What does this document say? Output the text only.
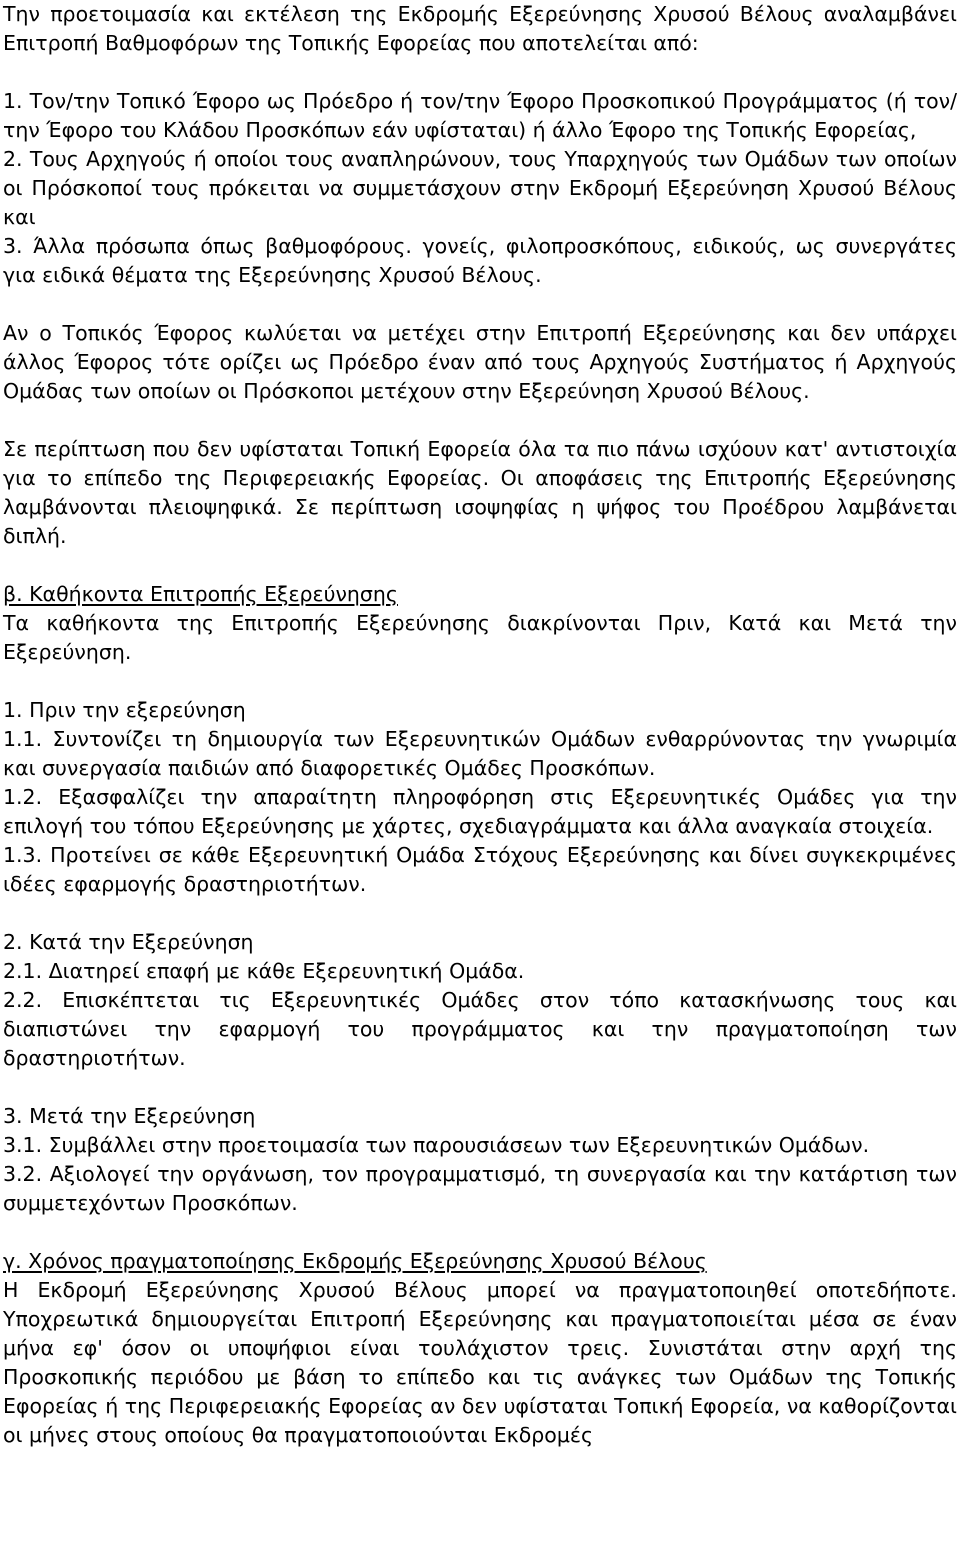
Την προετοιμασία και εκτέλεση της Εκδρομής Εξερεύνησης Χρυσού Βέλους αναλαμβάνει Επιτροπή Βαθμοφόρων της Τοπικής Εφορείας που αποτελείται από:

1. Τον/την Τοπικό Έφορο ως Πρόεδρο ή τον/την Έφορο Προσκοπικού Προγράμματος (ή τον/την Έφορο του Κλάδου Προσκόπων εάν υφίσταται) ή άλλο Έφορο της Τοπικής Εφορείας,

2. Τους Αρχηγούς ή οποίοι τους αναπληρώνουν, τους Υπαρχηγούς των Ομάδων των οποίων οι Πρόσκοποί τους πρόκειται να συμμετάσχουν στην Εκδρομή Εξερεύνηση Χρυσού Βέλους και

3. Άλλα πρόσωπα όπως βαθμοφόρους. γονείς, φιλοπροσκόπους, ειδικούς, ως συνεργάτες για ειδικά θέματα της Εξερεύνησης Χρυσού Βέλους.

Αν ο Τοπικός Έφορος κωλύεται να μετέχει στην Επιτροπή Εξερεύνησης και δεν υπάρχει άλλος Έφορος τότε ορίζει ως Πρόεδρο έναν από τους Αρχηγούς Συστήματος ή Αρχηγούς Ομάδας των οποίων οι Πρόσκοποι μετέχουν στην Εξερεύνηση Χρυσού Βέλους.

Σε περίπτωση που δεν υφίσταται Τοπική Εφορεία όλα τα πιο πάνω ισχύουν κατ' αντιστοιχία για το επίπεδο της Περιφερειακής Εφορείας. Οι αποφάσεις της Επιτροπής Εξερεύνησης λαμβάνονται πλειοψηφικά. Σε περίπτωση ισοψηφίας η ψήφος του Προέδρου λαμβάνεται διπλή.

β. Καθήκοντα Επιτροπής Εξερεύνησης

Τα καθήκοντα της Επιτροπής Εξερεύνησης διακρίνονται Πριν, Κατά και Μετά την Εξερεύνηση.

1. Πριν την εξερεύνηση

1.1. Συντονίζει τη δημιουργία των Εξερευνητικών Ομάδων ενθαρρύνοντας την γνωριμία και συνεργασία παιδιών από διαφορετικές Ομάδες Προσκόπων.

1.2. Εξασφαλίζει την απαραίτητη πληροφόρηση στις Εξερευνητικές Ομάδες για την επιλογή του τόπου Εξερεύνησης με χάρτες, σχεδιαγράμματα και άλλα αναγκαία στοιχεία.

1.3. Προτείνει σε κάθε Εξερευνητική Ομάδα Στόχους Εξερεύνησης και δίνει συγκεκριμένες ιδέες εφαρμογής δραστηριοτήτων.

2. Κατά την Εξερεύνηση

2.1. Διατηρεί επαφή με κάθε Εξερευνητική Ομάδα.

2.2. Επισκέπτεται τις Εξερευνητικές Ομάδες στον τόπο κατασκήνωσης τους και διαπιστώνει την εφαρμογή του προγράμματος και την πραγματοποίηση των δραστηριοτήτων.

3. Μετά την Εξερεύνηση

3.1. Συμβάλλει στην προετοιμασία των παρουσιάσεων των Εξερευνητικών Ομάδων.

3.2. Αξιολογεί την οργάνωση, τον προγραμματισμό, τη συνεργασία και την κατάρτιση των συμμετεχόντων Προσκόπων.

γ. Χρόνος πραγματοποίησης Εκδρομής Εξερεύνησης Χρυσού Βέλους

Η Εκδρομή Εξερεύνησης Χρυσού Βέλους μπορεί να πραγματοποιηθεί οποτεδήποτε. Υποχρεωτικά δημιουργείται Επιτροπή Εξερεύνησης και πραγματοποιείται μέσα σε έναν μήνα εφ' όσον οι υποψήφιοι είναι τουλάχιστον τρεις. Συνιστάται στην αρχή της Προσκοπικής περιόδου με βάση το επίπεδο και τις ανάγκες των Ομάδων της Τοπικής Εφορείας ή της Περιφερειακής Εφορείας αν δεν υφίσταται Τοπική Εφορεία, να καθορίζονται οι μήνες στους οποίους θα πραγματοποιούνται Εκδρομές
